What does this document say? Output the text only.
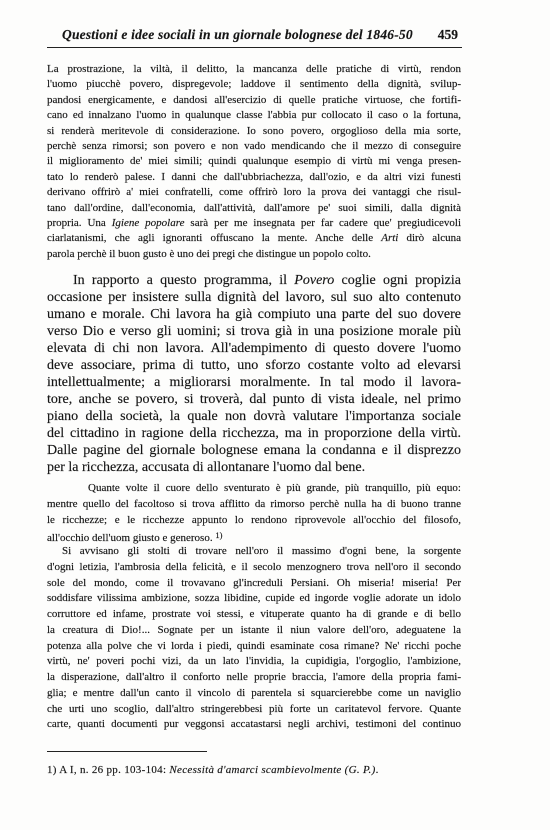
Questioni e idee sociali in un giornale bolognese del 1846-50 459
La prostrazione, la viltà, il delitto, la mancanza delle pratiche di virtù, rendon
l'uomo piucchè povero, dispregevole; laddove il sentimento della dignità, svilup-
pandosi energicamente, e dandosi all'esercizio di quelle pratiche virtuose, che fortifi-
cano ed innalzano l'uomo in qualunque classe l'abbia pur collocato il caso o la fortuna,
si renderà meritevole di considerazione. Io sono povero, orgoglioso della mia sorte,
perchè senza rimorsi; son povero e non vado mendicando che il mezzo di conseguire
il miglioramento de' miei simili; quindi qualunque esempio di virtù mi venga presen-
tato lo renderò palese. I danni che dall'ubbriachezza, dall'ozio, e da altri vizi funesti
derivano offrirò a' miei confratelli, come offrirò loro la prova dei vantaggi che risul-
tano dall'ordine, dall'economia, dall'attività, dall'amore pe' suoi simili, dalla dignità
propria. Una Igiene popolare sarà per me insegnata per far cadere que' pregiudicevoli
ciarlatanismi, che agli ignoranti offuscano la mente. Anche delle Arti dirò alcuna
parola perchè il buon gusto è uno dei pregi che distingue un popolo colto.
In rapporto a questo programma, il Povero coglie ogni propizia
occasione per insistere sulla dignità del lavoro, sul suo alto contenuto
umano e morale. Chi lavora ha già compiuto una parte del suo dovere
verso Dio e verso gli uomini; si trova già in una posizione morale più
elevata di chi non lavora. All'adempimento di questo dovere l'uomo
deve associare, prima di tutto, uno sforzo costante volto ad elevarsi
intellettualmente; a migliorarsi moralmente. In tal modo il lavora-
tore, anche se povero, si troverà, dal punto di vista ideale, nel primo
piano della società, la quale non dovrà valutare l'importanza sociale
del cittadino in ragione della ricchezza, ma in proporzione della virtù.
Dalle pagine del giornale bolognese emana la condanna e il disprezzo
per la ricchezza, accusata di allontanare l'uomo dal bene.
Quante volte il cuore dello sventurato è più grande, più tranquillo, più equo:
mentre quello del facoltoso si trova afflitto da rimorso perchè nulla ha di buono tranne
le ricchezze; e le ricchezze appunto lo rendono riprovevole all'occhio del filosofo,
all'occhio dell'uom giusto e generoso. $^{1)}$
Si avvisano gli stolti di trovare nell'oro il massimo d'ogni bene, la sorgente
d'ogni letizia, l'ambrosia della felicità, e il secolo menzognero trova nell'oro il secondo
sole del mondo, come il trovavano gl'increduli Persiani. Oh miseria! miseria! Per
soddisfare vilissima ambizione, sozza libidine, cupide ed ingorde voglie adorate un idolo
corruttore ed infame, prostrate voi stessi, e vituperate quanto ha di grande e di bello
la creatura di Dio!... Sognate per un istante il niun valore dell'oro, adeguatene la
potenza alla polve che vi lorda i piedi, quindi esaminate cosa rimane? Ne' ricchi poche
virtù, ne' poveri pochi vizi, da un lato l'invidia, la cupidigia, l'orgoglio, l'ambizione,
la disperazione, dall'altro il conforto nelle proprie braccia, l'amore della propria fami-
glia; e mentre dall'un canto il vincolo di parentela si squarcierebbe come un naviglio
che urti uno scoglio, dall'altro stringerebbesi più forte un caritatevol fervore. Quante
carte, quanti documenti pur veggonsi accatastarsi negli archivi, testimoni del continuo
1) A I, n. 26 pp. 103-104: Necessità d'amarci scambievolmente (G. P.).
